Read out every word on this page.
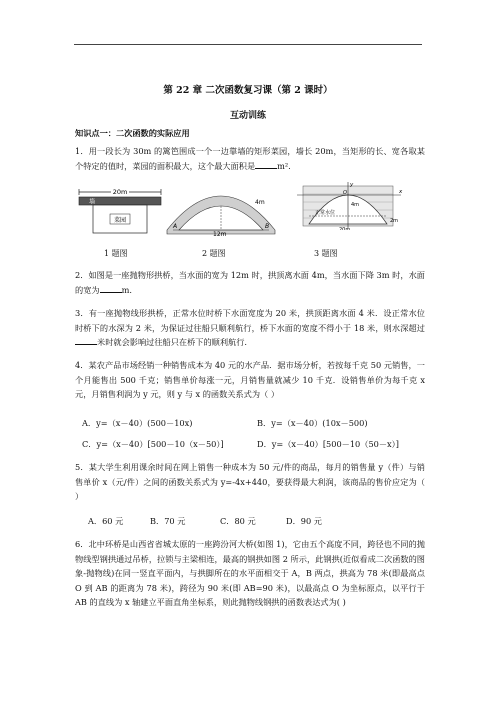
第 22 章 二次函数复习课（第 2 课时）
互动训练
知识点一：二次函数的实际应用
1．用一段长为 30m 的篱笆围成一个一边靠墙的矩形菜园，墙长 20m，当矩形的长、宽各取某个特定的值时，菜园的面积最大，这个最大面积是	m².
20m
墙
菜园
A	B
12m
4m
y
x
O
正常水位
2m
20m
4m
1 题图	2 题图	3 题图
2．如图是一座抛物形拱桥，当水面的宽为 12m 时，拱顶离水面 4m，当水面下降 3m 时，水面的宽为	m.
3．有一座抛物线形拱桥，正常水位时桥下水面宽度为 20 米，拱顶距离水面 4 米．设正常水位时桥下的水深为 2 米，为保证过往船只顺利航行，桥下水面的宽度不得小于 18 米，则水深超过米时就会影响过往船只在桥下的顺利航行.
4．某农产品市场经销一种销售成本为 40 元的水产品．据市场分析，若按每千克 50 元销售，一个月能售出 500 千克；销售单价每涨一元，月销售量就减少 10 千克．设销售单价为每千克 x 元，月销售利润为 y 元，则 y 与 x 的函数关系式为（ ）
A．y=（x－40）(500－10x)	B．y=（x－40）(10x－500)
C．y=（x－40）[500－10（x－50）]	D．y=（x－40）[500－10（50－x）]
5．某大学生利用课余时间在网上销售一种成本为 50 元/件的商品，每月的销售量 y（件）与销售单价 x（元/件）之间的函数关系式为 y=-4x+440，要获得最大利润，该商品的售价应定为（ ）
A．60 元	B．70 元	C．80 元	D．90 元
6．北中环桥是山西省省城太原的一座跨汾河大桥(如图 1)，它由五个高度不同，跨径也不同的抛物线型钢拱通过吊桥，拉锁与主梁相连，最高的钢拱如图 2 所示，此钢拱(近似看成二次函数的图象-抛物线)在同一竖直平面内，与拱脚所在的水平面相交于 A，B 两点，拱高为 78 米(即最高点 O 到 AB 的距离为 78 米)，跨径为 90 米(即 AB=90 米)，以最高点 O 为坐标原点，以平行于 AB 的直线为 x 轴建立平面直角坐标系，则此抛物线钢拱的函数表达式为( )
